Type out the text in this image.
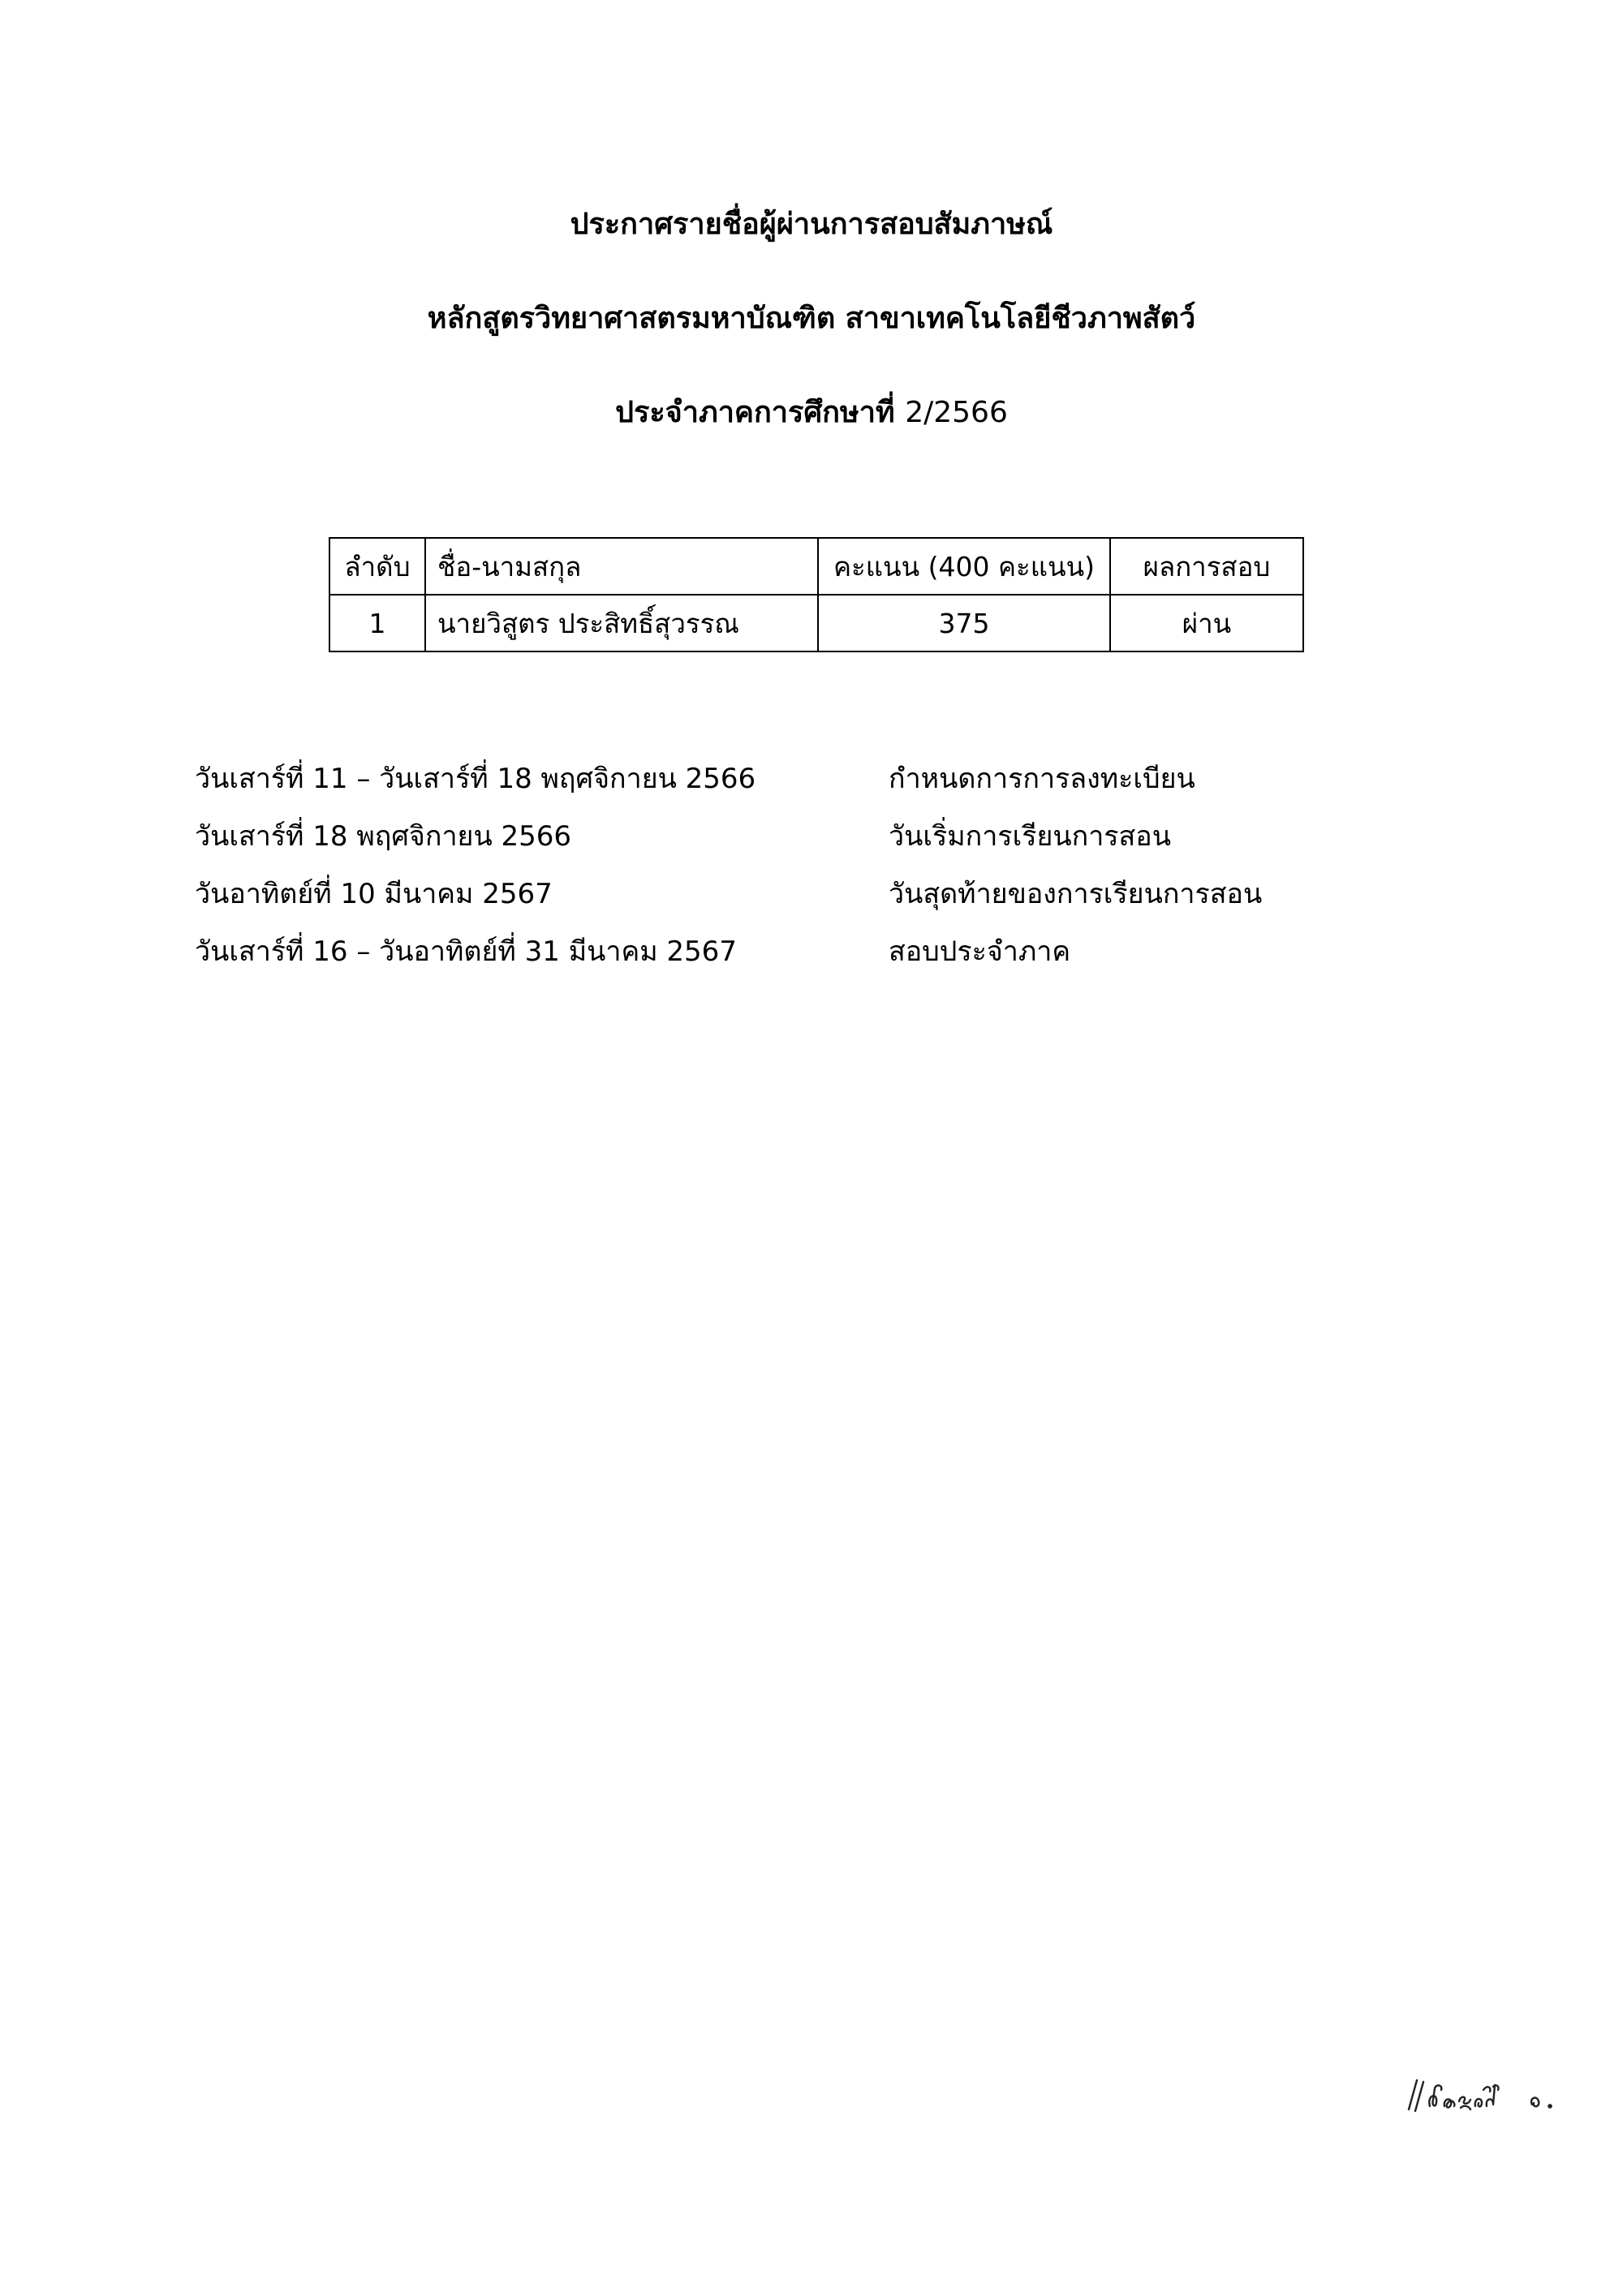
ประกาศรายชื่อผู้ผ่านการสอบสัมภาษณ์
หลักสูตรวิทยาศาสตรมหาบัณฑิต สาขาเทคโนโลยีชีวภาพสัตว์
ประจำภาคการศึกษาที่ 2/2566
ลำดับ	ชื่อ-นามสกุล	คะแนน (400 คะแนน)	ผลการสอบ
1	นายวิสูตร ประสิทธิ์สุวรรณ	375	ผ่าน
วันเสาร์ที่ 11 – วันเสาร์ที่ 18 พฤศจิกายน 2566	กำหนดการการลงทะเบียน
วันเสาร์ที่ 18 พฤศจิกายน 2566	วันเริ่มการเรียนการสอน
วันอาทิตย์ที่ 10 มีนาคม 2567	วันสุดท้ายของการเรียนการสอน
วันเสาร์ที่ 16 – วันอาทิตย์ที่ 31 มีนาคม 2567	สอบประจำภาค
